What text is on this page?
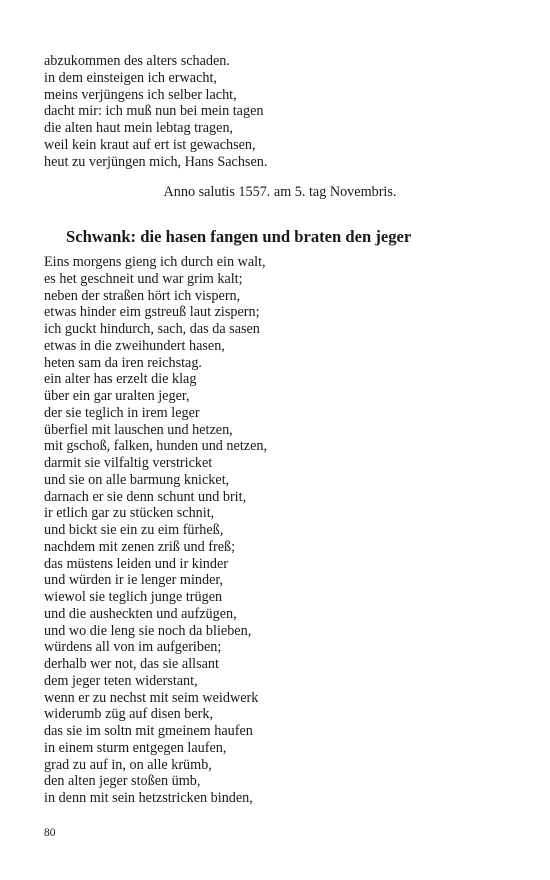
abzukommen des alters schaden.
in dem einsteigen ich erwacht,
meins verjüngens ich selber lacht,
dacht mir: ich muß nun bei mein tagen
die alten haut mein lebtag tragen,
weil kein kraut auf ert ist gewachsen,
heut zu verjüngen mich, Hans Sachsen.
Anno salutis 1557. am 5. tag Novembris.
Schwank: die hasen fangen und braten den jeger
Eins morgens gieng ich durch ein walt,
es het geschneit und war grim kalt;
neben der straßen hört ich vispern,
etwas hinder eim gstreuß laut zispern;
ich guckt hindurch, sach, das da sasen
etwas in die zweihundert hasen,
heten sam da iren reichstag.
ein alter has erzelt die klag
über ein gar uralten jeger,
der sie teglich in irem leger
überfiel mit lauschen und hetzen,
mit gschoß, falken, hunden und netzen,
darmit sie vilfaltig verstricket
und sie on alle barmung knicket,
darnach er sie denn schunt und brit,
ir etlich gar zu stücken schnit,
und bickt sie ein zu eim fürheß,
nachdem mit zenen zriß und freß;
das müstens leiden und ir kinder
und würden ir ie lenger minder,
wiewol sie teglich junge trügen
und die ausheckten und aufzügen,
und wo die leng sie noch da blieben,
würdens all von im aufgeriben;
derhalb wer not, das sie allsant
dem jeger teten widerstant,
wenn er zu nechst mit seim weidwerk
widerumb züg auf disen berk,
das sie im soltn mit gmeinem haufen
in einem sturm entgegen laufen,
grad zu auf in, on alle krümb,
den alten jeger stoßen ümb,
in denn mit sein hetzstricken binden,
80
